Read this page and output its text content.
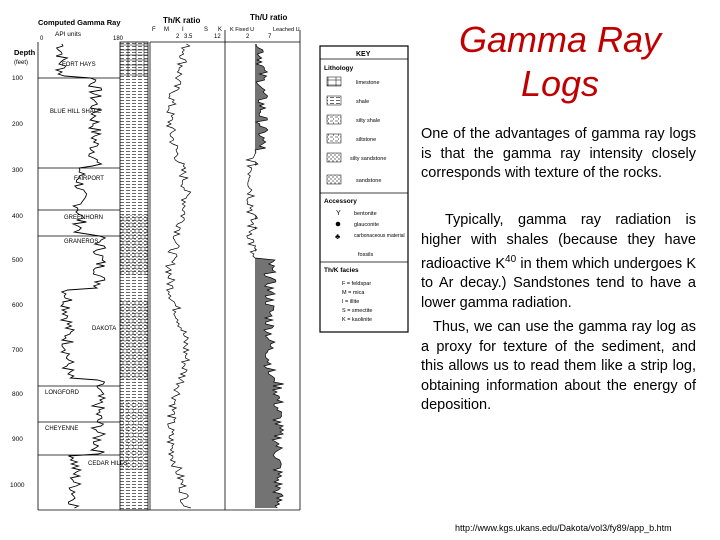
Computed Gamma Ray
API units
0	180
Th/K ratio	Th/U ratio
F M I	S K
2 3.5	12
K Fixed U	Leached U
2	7
Depth
(feet)
100
200
300
400
500
600
700
800
900
1000
FORT HAYS
BLUE HILL SHALE
FAIRPORT
GREENHORN
GRANEROS
DAKOTA
LONGFORD
CHEYENNE
CEDAR HILLS
KEY
Lithology
limestone
shale
silty shale
siltstone
silty sandstone
sandstone
Accessory
Y bentonite
glauconite
♣	carbonaceous material
fossils
Th/K facies
F = feldspar
M = mica
I = illite
S = smectite
K = kaolinite
Gamma Ray Logs

One of the advantages of gamma ray logs is that the gamma ray intensity closely corresponds with texture of the rocks.

Typically, gamma ray radiation is higher with shales (because they have radioactive $K^{40}$ in them which undergoes K to Ar decay.) Sandstones tend to have a lower gamma radiation.

Thus, we can use the gamma ray log as a proxy for texture of the sediment, and this allows us to read them like a strip log, obtaining information about the energy of deposition.

http://www.kgs.ukans.edu/Dakota/vol3/fy89/app_b.htm
